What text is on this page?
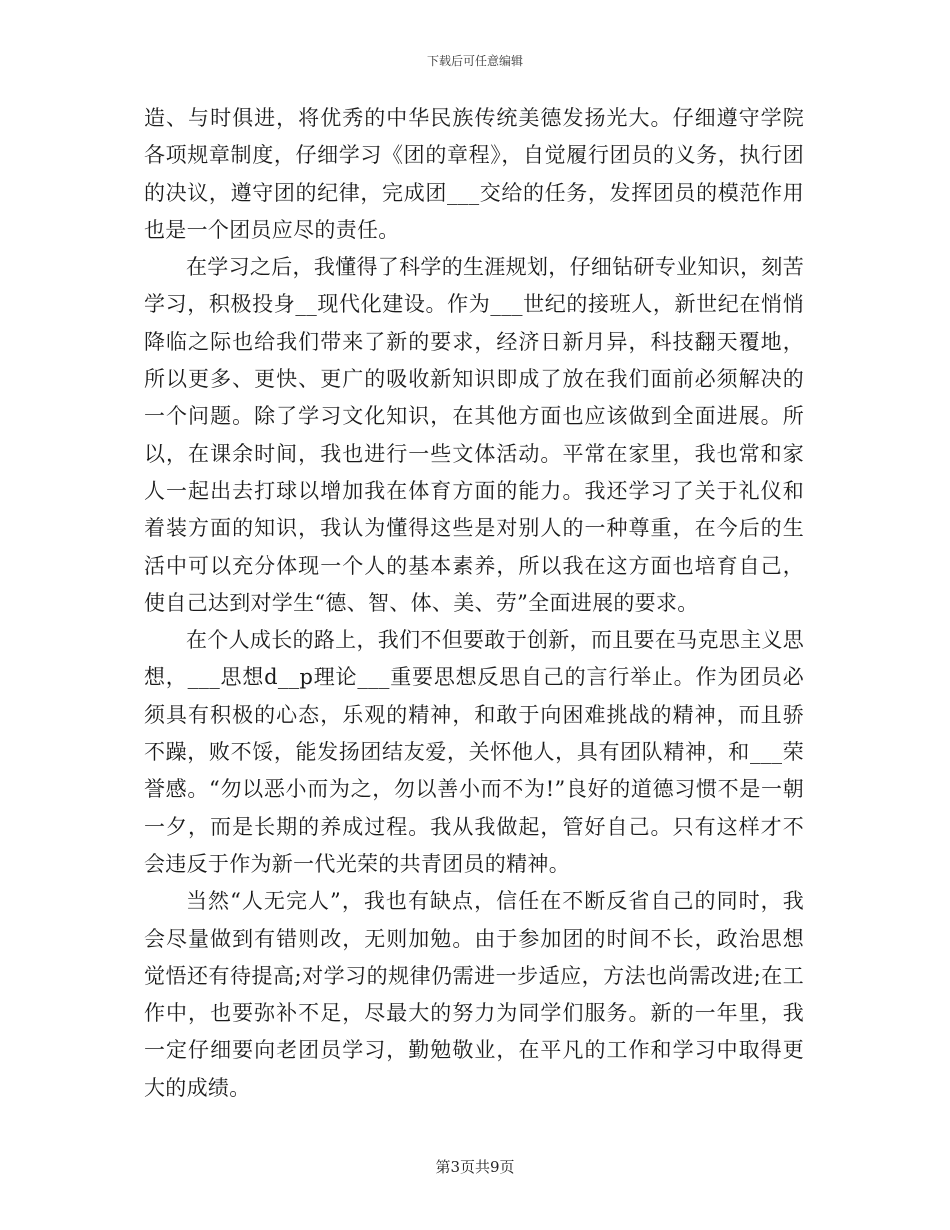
下载后可任意编辑

造、与时俱进，将优秀的中华民族传统美德发扬光大。仔细遵守学院各项规章制度，仔细学习《团的章程》，自觉履行团员的义务，执行团的决议，遵守团的纪律，完成团___交给的任务，发挥团员的模范作用也是一个团员应尽的责任。

在学习之后，我懂得了科学的生涯规划，仔细钻研专业知识，刻苦学习，积极投身__现代化建设。作为___世纪的接班人，新世纪在悄悄降临之际也给我们带来了新的要求，经济日新月异，科技翻天覆地，所以更多、更快、更广的吸收新知识即成了放在我们面前必须解决的一个问题。除了学习文化知识，在其他方面也应该做到全面进展。所以，在课余时间，我也进行一些文体活动。平常在家里，我也常和家人一起出去打球以增加我在体育方面的能力。我还学习了关于礼仪和着装方面的知识，我认为懂得这些是对别人的一种尊重，在今后的生活中可以充分体现一个人的基本素养，所以我在这方面也培育自己，使自己达到对学生“德、智、体、美、劳”全面进展的要求。

在个人成长的路上，我们不但要敢于创新，而且要在马克思主义思想，___思想d__p理论___重要思想反思自己的言行举止。作为团员必须具有积极的心态，乐观的精神，和敢于向困难挑战的精神，而且骄不躁，败不馁，能发扬团结友爱，关怀他人，具有团队精神，和___荣誉感。“勿以恶小而为之，勿以善小而不为!”良好的道德习惯不是一朝一夕，而是长期的养成过程。我从我做起，管好自己。只有这样才不会违反于作为新一代光荣的共青团员的精神。

当然“人无完人”，我也有缺点，信任在不断反省自己的同时，我会尽量做到有错则改，无则加勉。由于参加团的时间不长，政治思想觉悟还有待提高;对学习的规律仍需进一步适应，方法也尚需改进;在工作中，也要弥补不足，尽最大的努力为同学们服务。新的一年里，我一定仔细要向老团员学习，勤勉敬业，在平凡的工作和学习中取得更大的成绩。

第3页共9页
